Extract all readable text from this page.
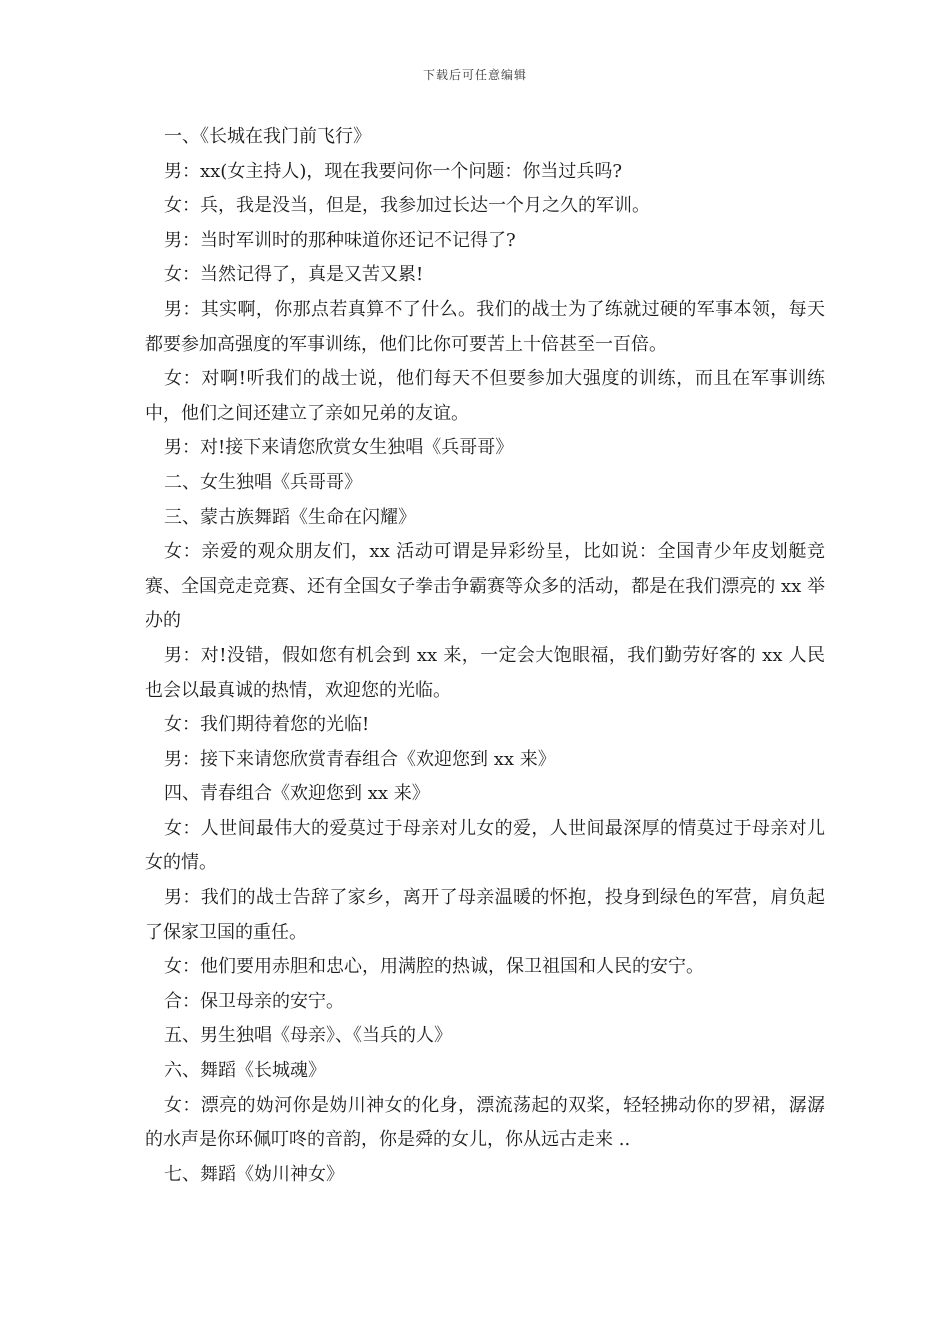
下载后可任意编辑

一、《长城在我门前飞行》

男：xx(女主持人)，现在我要问你一个问题：你当过兵吗?

女：兵，我是没当，但是，我参加过长达一个月之久的军训。

男：当时军训时的那种味道你还记不记得了?

女：当然记得了，真是又苦又累!

男：其实啊，你那点若真算不了什么。我们的战士为了练就过硬的军事本领，每天都要参加高强度的军事训练，他们比你可要苦上十倍甚至一百倍。

女：对啊!听我们的战士说，他们每天不但要参加大强度的训练，而且在军事训练中，他们之间还建立了亲如兄弟的友谊。

男：对!接下来请您欣赏女生独唱《兵哥哥》

二、女生独唱《兵哥哥》

三、蒙古族舞蹈《生命在闪耀》

女：亲爱的观众朋友们，xx 活动可谓是异彩纷呈，比如说：全国青少年皮划艇竞赛、全国竞走竞赛、还有全国女子拳击争霸赛等众多的活动，都是在我们漂亮的 xx 举办的

男：对!没错，假如您有机会到 xx 来，一定会大饱眼福，我们勤劳好客的 xx 人民也会以最真诚的热情，欢迎您的光临。

女：我们期待着您的光临!

男：接下来请您欣赏青春组合《欢迎您到 xx 来》

四、青春组合《欢迎您到 xx 来》

女：人世间最伟大的爱莫过于母亲对儿女的爱，人世间最深厚的情莫过于母亲对儿女的情。

男：我们的战士告辞了家乡，离开了母亲温暖的怀抱，投身到绿色的军营，肩负起了保家卫国的重任。

女：他们要用赤胆和忠心，用满腔的热诚，保卫祖国和人民的安宁。

合：保卫母亲的安宁。

五、男生独唱《母亲》、《当兵的人》

六、舞蹈《长城魂》

女：漂亮的妫河你是妫川神女的化身，漂流荡起的双桨，轻轻拂动你的罗裙，潺潺的水声是你环佩叮咚的音韵，你是舜的女儿，你从远古走来 ..

七、舞蹈《妫川神女》
